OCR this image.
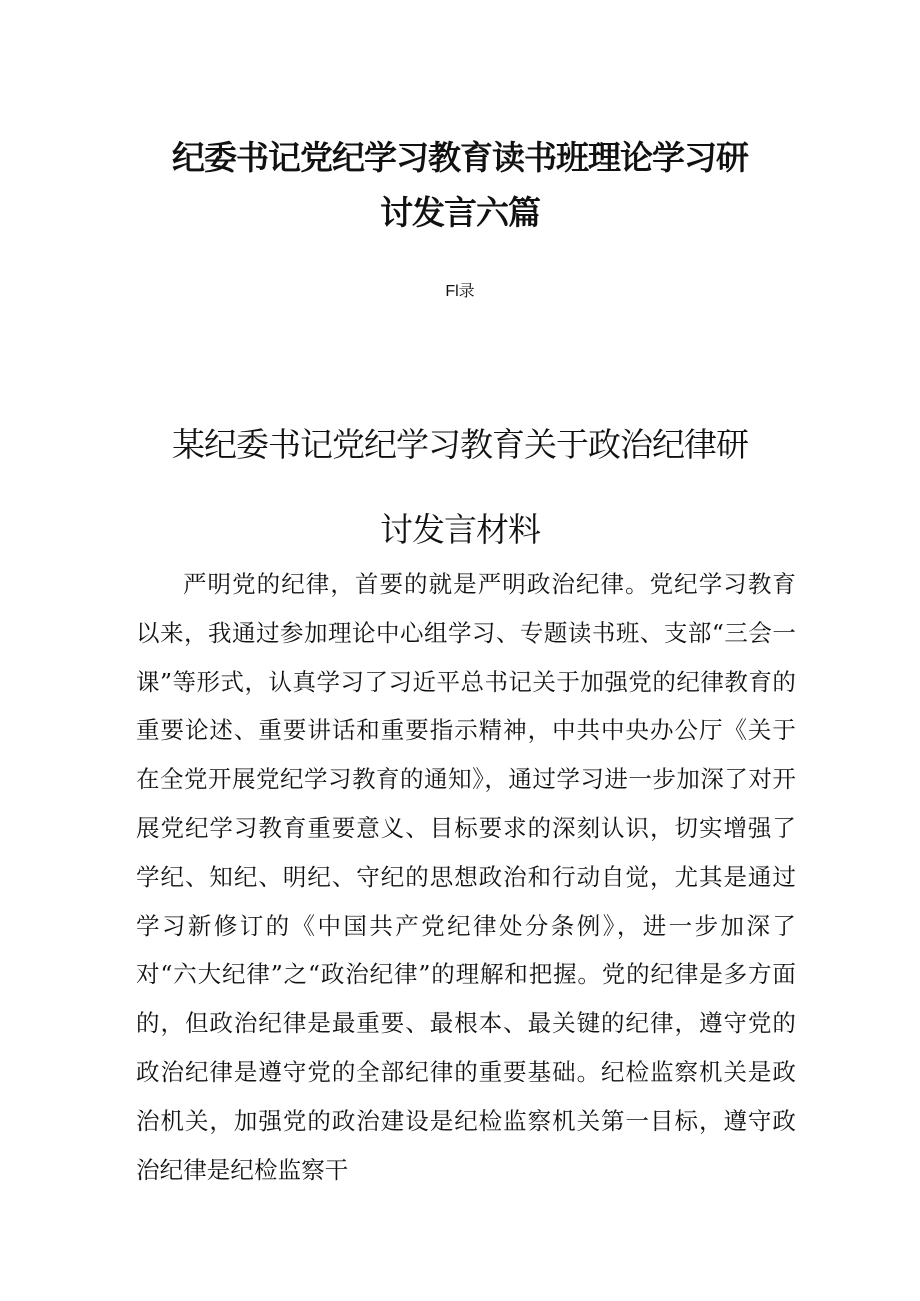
纪委书记党纪学习教育读书班理论学习研
讨发言六篇
Fl录
某纪委书记党纪学习教育关于政治纪律研
讨发言材料

严明党的纪律，首要的就是严明政治纪律。党纪学习教育以来，我通过参加理论中心组学习、专题读书班、支部“三会一课”等形式，认真学习了习近平总书记关于加强党的纪律教育的重要论述、重要讲话和重要指示精神，中共中央办公厅《关于在全党开展党纪学习教育的通知》，通过学习进一步加深了对开展党纪学习教育重要意义、目标要求的深刻认识，切实增强了学纪、知纪、明纪、守纪的思想政治和行动自觉，尤其是通过学习新修订的《中国共产党纪律处分条例》，进一步加深了对“六大纪律”之“政治纪律”的理解和把握。党的纪律是多方面的，但政治纪律是最重要、最根本、最关键的纪律，遵守党的政治纪律是遵守党的全部纪律的重要基础。纪检监察机关是政治机关，加强党的政治建设是纪检监察机关第一目标，遵守政治纪律是纪检监察干
